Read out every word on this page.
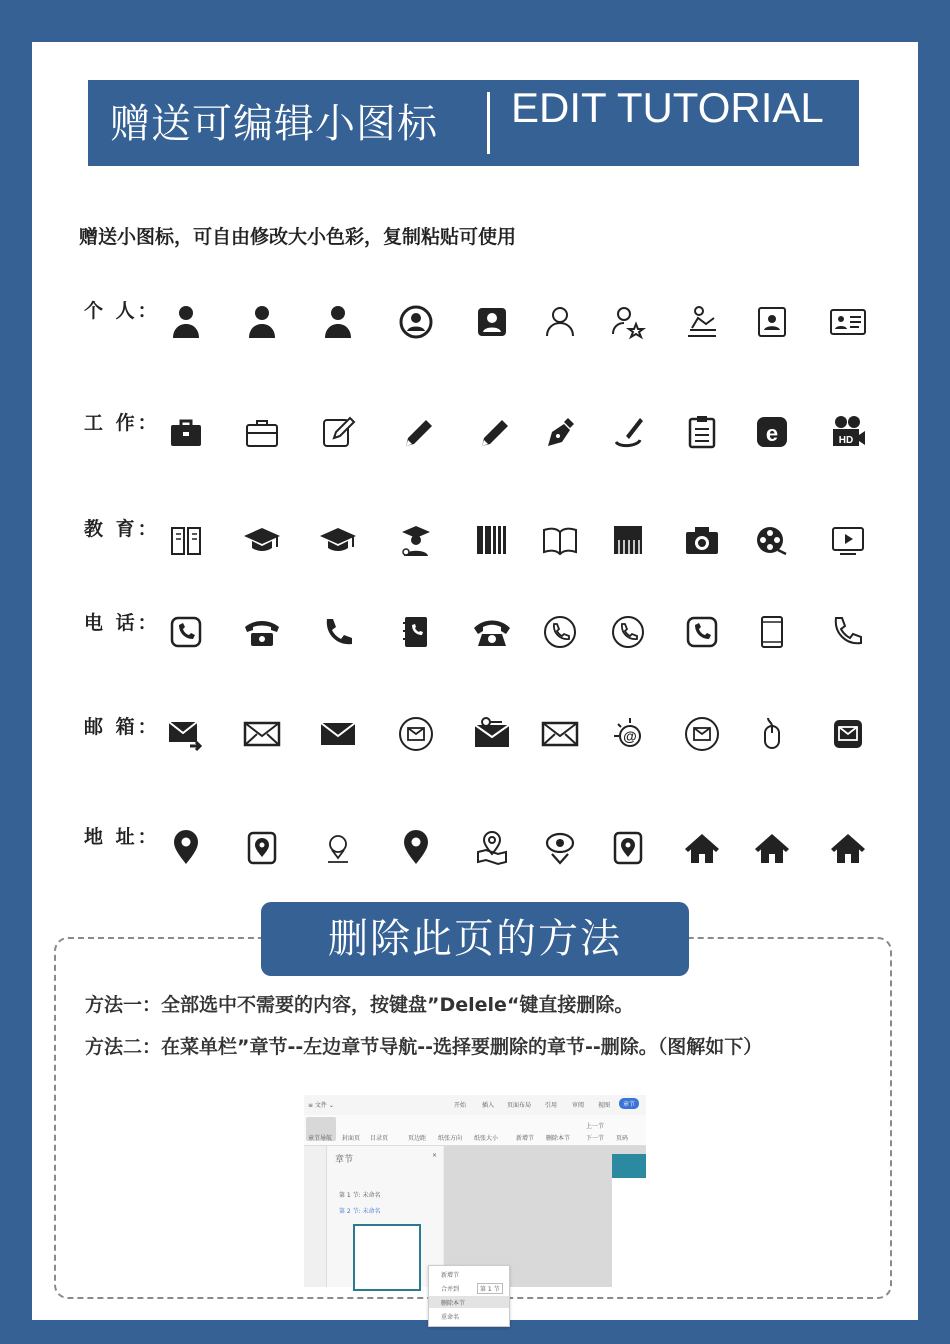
赠送可编辑小图标 EDIT TUTORIAL
赠送小图标，可自由修改大小色彩，复制粘贴可使用
个 人：
工 作：
教 育：
电 话：
邮 箱：
地 址：
e	HD
@
删除此页的方法
方法一：全部选中不需要的内容，按键盘”Delele“键直接删除。
方法二：在菜单栏”章节--左边章节导航--选择要删除的章节--删除。（图解如下）
≡ 文件 ⌄	开始	插入 页面布局 引用 审阅 视图	章节
章节导航 封面页 目录页	页边距 纸张方向 纸张大小	新增节 删除本节
上一节
下一节 页码
章节	×
第 1 节: 未命名
第 2 节: 未命名
新增节
合并到	第 1 节
删除本节
重命名
